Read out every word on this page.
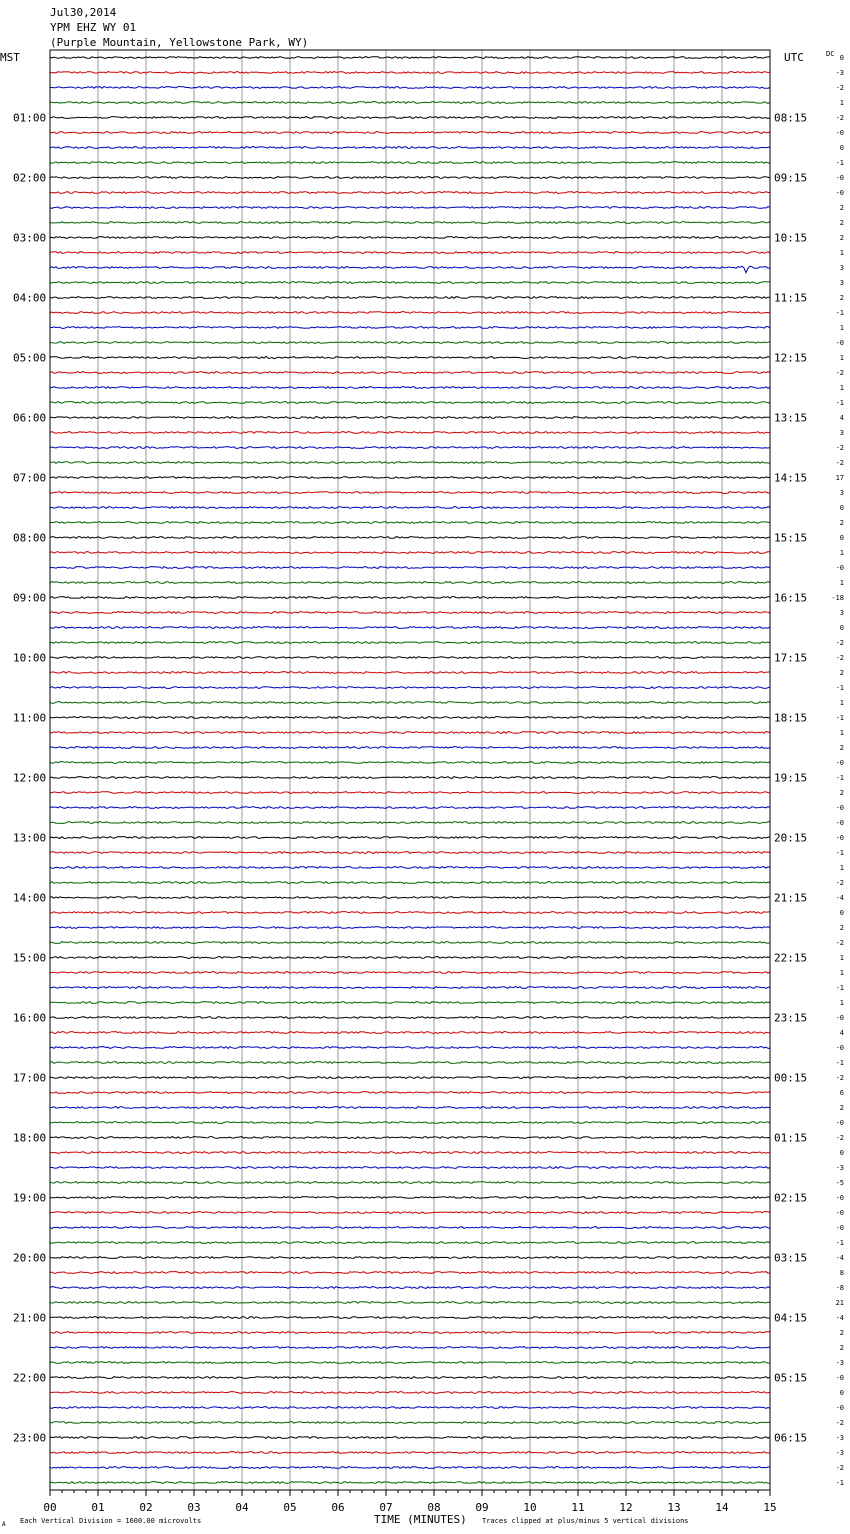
Jul30,2014
YPM EHZ WY 01
(Purple Mountain, Yellowstone Park, WY)
MST	UTC	DC
01:00
02:00
03:00
04:00
05:00
06:00
07:00
08:00
09:00
10:00
11:00
12:00
13:00
14:00
15:00
16:00
17:00
18:00
19:00
20:00
21:00
22:00
23:00
08:15
09:15
10:15
11:15
12:15
13:15
14:15
15:15
16:15
17:15
18:15
19:15
20:15
21:15
22:15
23:15
00:15
01:15
02:15
03:15
04:15
05:15
06:15
0
-3
-2
1
-2
-0
0
-1
-0
-0
2
2
2
1
3
3
2
-1
1
-0
1
-2
1
-1
4
3
-2
-2
17
3
0
2
0
1
-0
1
-18
3
0
-2
-2
2
-1
1
-1
1
2
-0
-1
2
-0
-0
-0
-1
1
-2
-4
0
2
-2
1
1
-1
1
-0
4
-0
-1
-2
6
2
-0
-2
0
-3
-5
-0
-0
-0
-1
-4
8
-8
21
-4
2
2
-3
-0
0
-0
-2
-3
-3
-2
-1
00	01	02	03	04	05	06	07	08	09	10	11	12	13	14	15
TIME (MINUTES)
Each Vertical Division = 1600.00 microvolts	Traces clipped at plus/minus 5 vertical divisions
A
